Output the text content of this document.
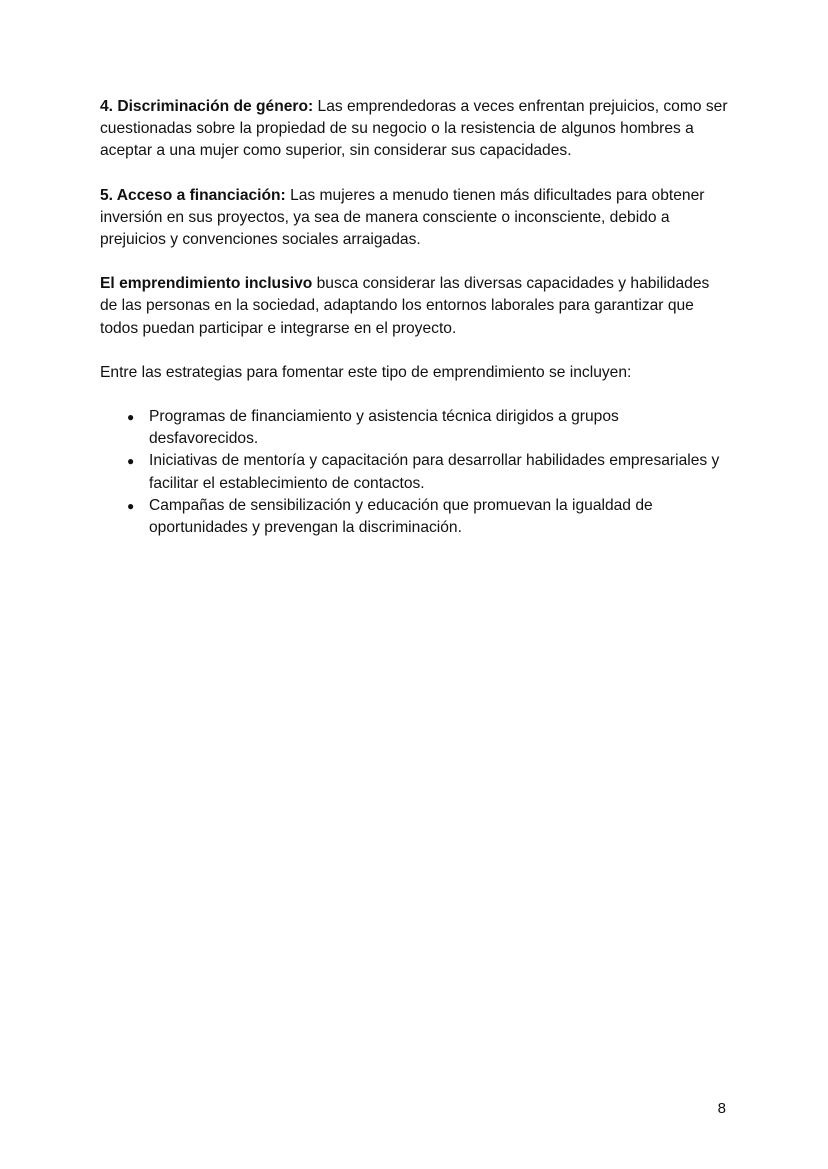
4. Discriminación de género: Las emprendedoras a veces enfrentan prejuicios, como ser cuestionadas sobre la propiedad de su negocio o la resistencia de algunos hombres a aceptar a una mujer como superior, sin considerar sus capacidades.

5. Acceso a financiación: Las mujeres a menudo tienen más dificultades para obtener inversión en sus proyectos, ya sea de manera consciente o inconsciente, debido a prejuicios y convenciones sociales arraigadas.

El emprendimiento inclusivo busca considerar las diversas capacidades y habilidades de las personas en la sociedad, adaptando los entornos laborales para garantizar que todos puedan participar e integrarse en el proyecto.

Entre las estrategias para fomentar este tipo de emprendimiento se incluyen:

● Programas de financiamiento y asistencia técnica dirigidos a grupos desfavorecidos.
● Iniciativas de mentoría y capacitación para desarrollar habilidades empresariales y facilitar el establecimiento de contactos.
● Campañas de sensibilización y educación que promuevan la igualdad de oportunidades y prevengan la discriminación.
8
